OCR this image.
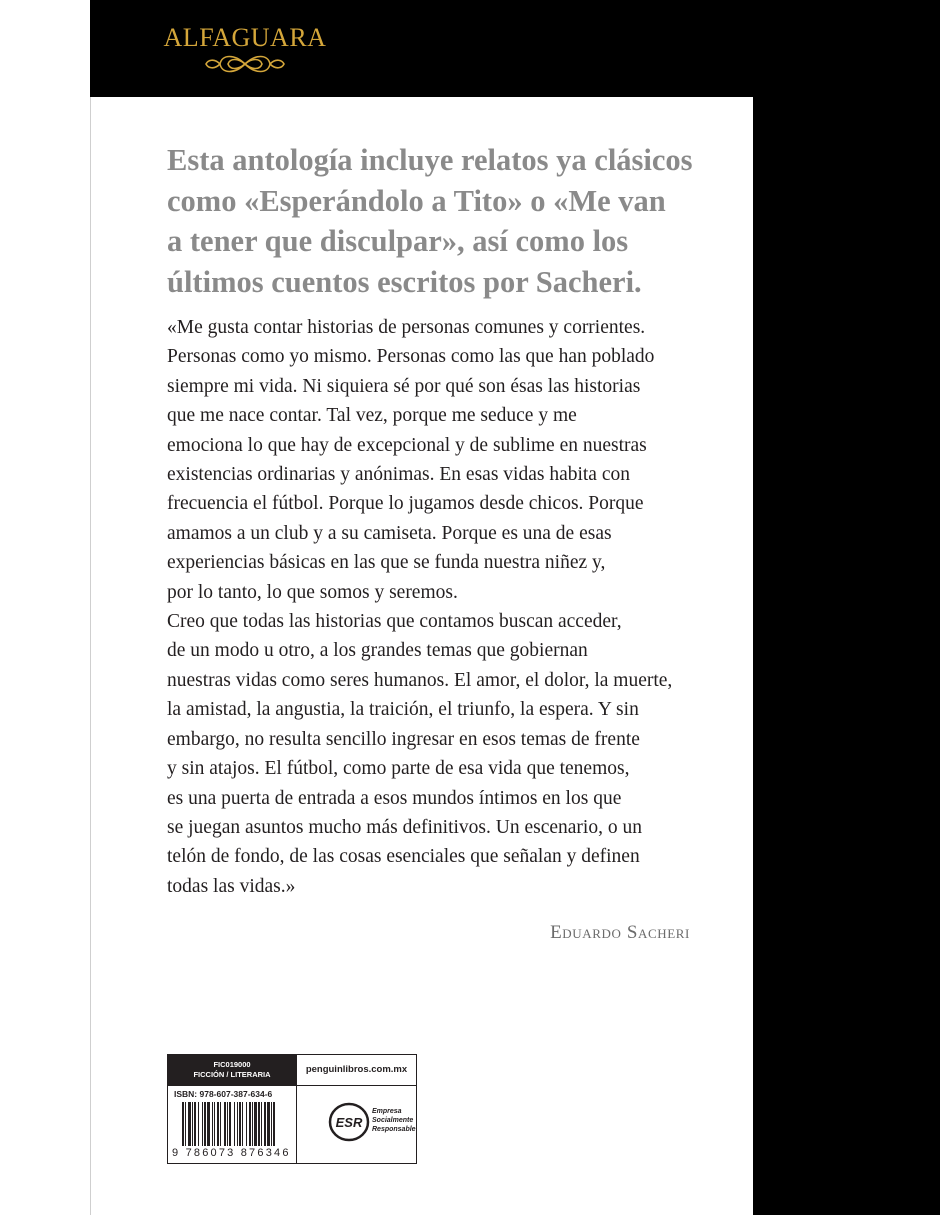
ALFAGUARA
Esta antología incluye relatos ya clásicos
como «Esperándolo a Tito» o «Me van
a tener que disculpar», así como los
últimos cuentos escritos por Sacheri.
«Me gusta contar historias de personas comunes y corrientes.
Personas como yo mismo. Personas como las que han poblado
siempre mi vida. Ni siquiera sé por qué son ésas las historias
que me nace contar. Tal vez, porque me seduce y me
emociona lo que hay de excepcional y de sublime en nuestras
existencias ordinarias y anónimas. En esas vidas habita con
frecuencia el fútbol. Porque lo jugamos desde chicos. Porque
amamos a un club y a su camiseta. Porque es una de esas
experiencias básicas en las que se funda nuestra niñez y,
por lo tanto, lo que somos y seremos.
Creo que todas las historias que contamos buscan acceder,
de un modo u otro, a los grandes temas que gobiernan
nuestras vidas como seres humanos. El amor, el dolor, la muerte,
la amistad, la angustia, la traición, el triunfo, la espera. Y sin
embargo, no resulta sencillo ingresar en esos temas de frente
y sin atajos. El fútbol, como parte de esa vida que tenemos,
es una puerta de entrada a esos mundos íntimos en los que
se juegan asuntos mucho más definitivos. Un escenario, o un
telón de fondo, de las cosas esenciales que señalan y definen
todas las vidas.»
Eduardo Sacheri
FIC019000
FICCIÓN / LITERARIA	penguinlibros.com.mx
ISBN: 978-607-387-634-6
9 786073 876346
ESR
Empresa
Socialmente
Responsable
